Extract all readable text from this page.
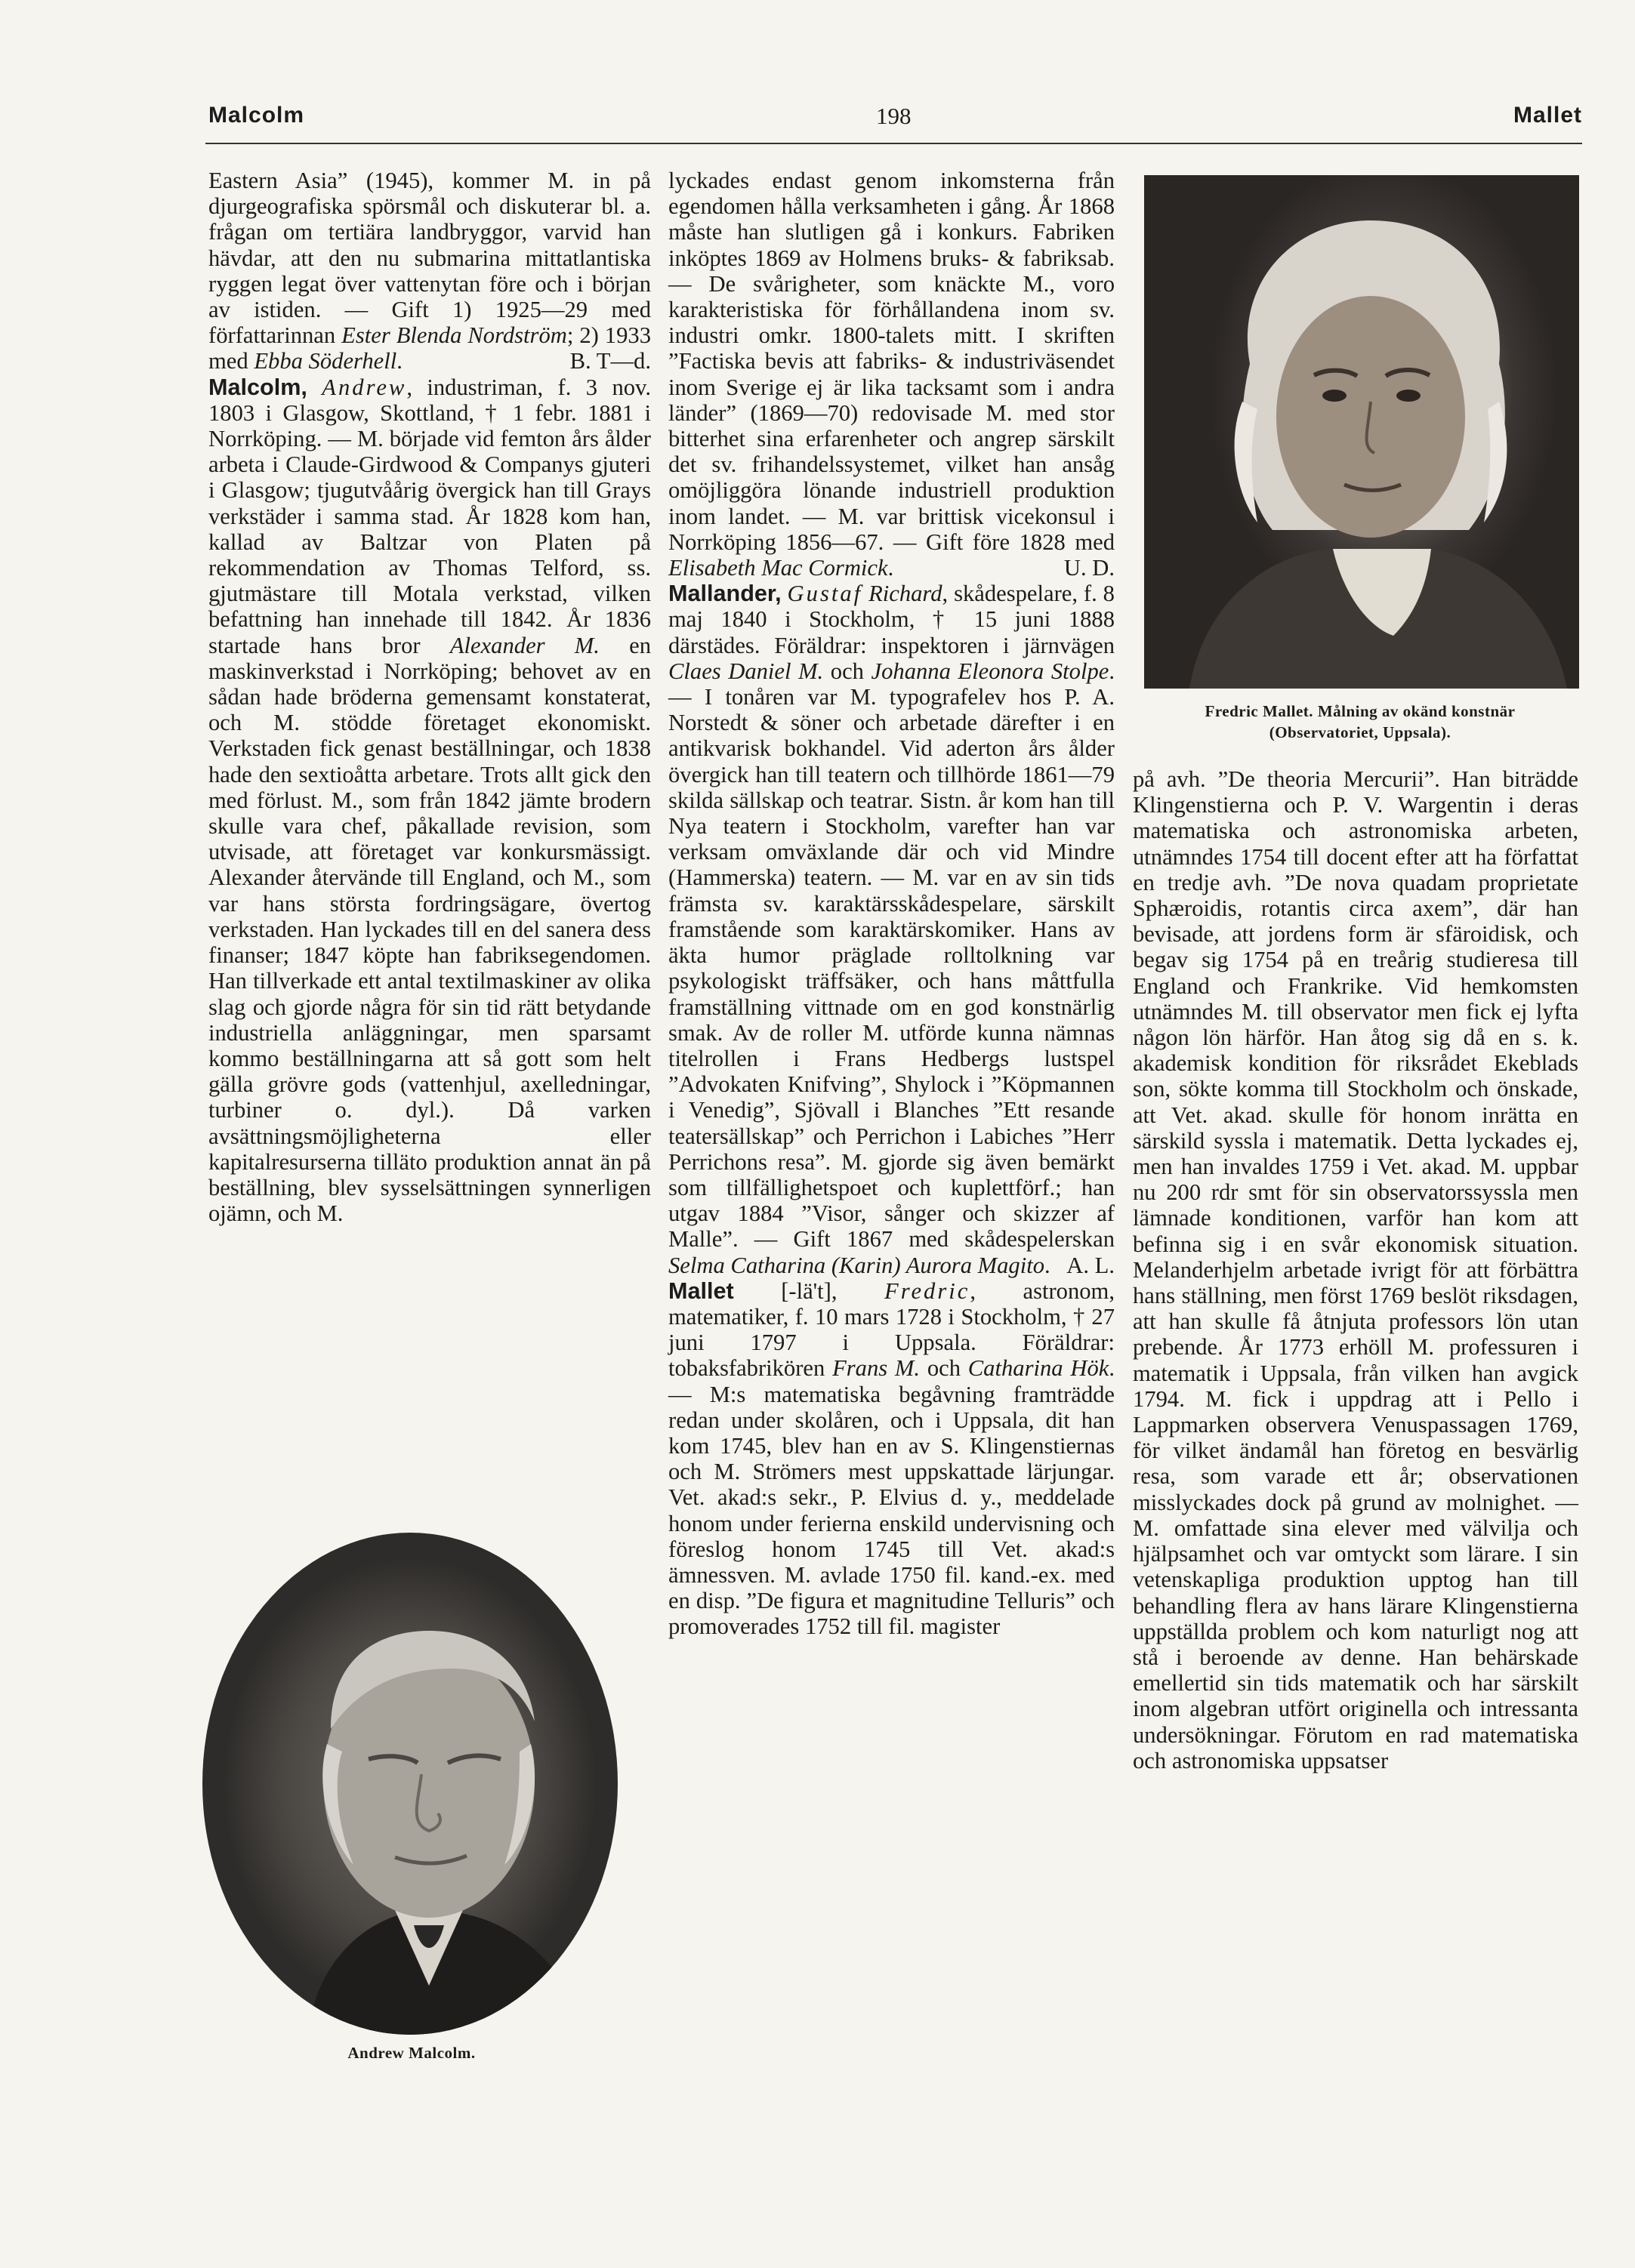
Malcolm	198	Mallet

Eastern Asia” (1945), kommer M. in på djurgeografiska spörsmål och diskuterar bl. a. frågan om tertiära landbryggor, varvid han hävdar, att den nu submarina mittatlantiska ryggen legat över vattenytan före och i början av istiden. — Gift 1) 1925—29 med författarinnan Ester Blenda Nordström; 2) 1933 med Ebba Söderhell.	B. T—d.

Malcolm, Andrew, industriman, f. 3 nov. 1803 i Glasgow, Skottland, † 1 febr. 1881 i Norrköping. — M. började vid femton års ålder arbeta i Claude-Girdwood & Companys gjuteri i Glasgow; tjugutvåårig övergick han till Grays verkstäder i samma stad. År 1828 kom han, kallad av Baltzar von Platen på rekommendation av Thomas Telford, ss. gjutmästare till Motala verkstad, vilken befattning han innehade till 1842. År 1836 startade hans bror Alexander M. en maskinverkstad i Norrköping; behovet av en sådan hade bröderna gemensamt konstaterat, och M. stödde företaget ekonomiskt. Verkstaden fick genast beställningar, och 1838 hade den sextioåtta arbetare. Trots allt gick den med förlust. M., som från 1842 jämte brodern skulle vara chef, påkallade revision, som utvisade, att företaget var konkursmässigt. Alexander återvände till England, och M., som var hans största fordringsägare, övertog verkstaden. Han lyckades till en del sanera dess finanser; 1847 köpte han fabriksegendomen. Han tillverkade ett antal textilmaskiner av olika slag och gjorde några för sin tid rätt betydande industriella anläggningar, men sparsamt kommo beställningarna att så gott som helt gälla grövre gods (vattenhjul, axelledningar, turbiner o. dyl.). Då varken avsättningsmöjligheterna eller kapitalresurserna tilläto produktion annat än på beställning, blev sysselsättningen synnerligen ojämn, och M.

Andrew Malcolm.

lyckades endast genom inkomsterna från egendomen hålla verksamheten i gång. År 1868 måste han slutligen gå i konkurs. Fabriken inköptes 1869 av Holmens bruks- & fabriksab. — De svårigheter, som knäckte M., voro karakteristiska för förhållandena inom sv. industri omkr. 1800-talets mitt. I skriften ”Factiska bevis att fabriks- & industriväsendet inom Sverige ej är lika tacksamt som i andra länder” (1869—70) redovisade M. med stor bitterhet sina erfarenheter och angrep särskilt det sv. frihandelssystemet, vilket han ansåg omöjliggöra lönande industriell produktion inom landet. — M. var brittisk vicekonsul i Norrköping 1856—67. — Gift före 1828 med Elisabeth Mac Cormick.	U. D.

Mallander, Gustaf Richard, skådespelare, f. 8 maj 1840 i Stockholm, † 15 juni 1888 därstädes. Föräldrar: inspektoren i järnvägen Claes Daniel M. och Johanna Eleonora Stolpe. — I tonåren var M. typografelev hos P. A. Norstedt & söner och arbetade därefter i en antikvarisk bokhandel. Vid aderton års ålder övergick han till teatern och tillhörde 1861—79 skilda sällskap och teatrar. Sistn. år kom han till Nya teatern i Stockholm, varefter han var verksam omväxlande där och vid Mindre (Hammerska) teatern. — M. var en av sin tids främsta sv. karaktärsskådespelare, särskilt framstående som karaktärskomiker. Hans av äkta humor präglade rolltolkning var psykologiskt träffsäker, och hans måttfulla framställning vittnade om en god konstnärlig smak. Av de roller M. utförde kunna nämnas titelrollen i Frans Hedbergs lustspel ”Advokaten Knifving”, Shylock i ”Köpmannen i Venedig”, Sjövall i Blanches ”Ett resande teatersällskap” och Perrichon i Labiches ”Herr Perrichons resa”. M. gjorde sig även bemärkt som tillfällighetspoet och kuplettförf.; han utgav 1884 ”Visor, sånger och skizzer af Malle”. — Gift 1867 med skådespelerskan Selma Catharina (Karin) Aurora Magito. A. L.

Mallet [-lä't], Fredric, astronom, matematiker, f. 10 mars 1728 i Stockholm, † 27 juni 1797 i Uppsala. Föräldrar: tobaksfabrikören Frans M. och Catharina Hök. — M:s matematiska begåvning framträdde redan under skolåren, och i Uppsala, dit han kom 1745, blev han en av S. Klingenstiernas och M. Strömers mest uppskattade lärjungar. Vet. akad:s sekr., P. Elvius d. y., meddelade honom under ferierna enskild undervisning och föreslog honom 1745 till Vet. akad:s ämnessven. M. avlade 1750 fil. kand.-ex. med en disp. ”De figura et magnitudine Telluris” och promoverades 1752 till fil. magister

Fredric Mallet. Målning av okänd konstnär
(Observatoriet, Uppsala).

på avh. ”De theoria Mercurii”. Han biträdde Klingenstierna och P. V. Wargentin i deras matematiska och astronomiska arbeten, utnämndes 1754 till docent efter att ha författat en tredje avh. ”De nova quadam proprietate Sphæroidis, rotantis circa axem”, där han bevisade, att jordens form är sfäroidisk, och begav sig 1754 på en treårig studieresa till England och Frankrike. Vid hemkomsten utnämndes M. till observator men fick ej lyfta någon lön härför. Han åtog sig då en s. k. akademisk kondition för riksrådet Ekeblads son, sökte komma till Stockholm och önskade, att Vet. akad. skulle för honom inrätta en särskild syssla i matematik. Detta lyckades ej, men han invaldes 1759 i Vet. akad. M. uppbar nu 200 rdr smt för sin observatorssyssla men lämnade konditionen, varför han kom att befinna sig i en svår ekonomisk situation. Melanderhjelm arbetade ivrigt för att förbättra hans ställning, men först 1769 beslöt riksdagen, att han skulle få åtnjuta professors lön utan prebende. År 1773 erhöll M. professuren i matematik i Uppsala, från vilken han avgick 1794. M. fick i uppdrag att i Pello i Lappmarken observera Venuspassagen 1769, för vilket ändamål han företog en besvärlig resa, som varade ett år; observationen misslyckades dock på grund av molnighet. — M. omfattade sina elever med välvilja och hjälpsamhet och var omtyckt som lärare. I sin vetenskapliga produktion upptog han till behandling flera av hans lärare Klingenstierna uppställda problem och kom naturligt nog att stå i beroende av denne. Han behärskade emellertid sin tids matematik och har särskilt inom algebran utfört originella och intressanta undersökningar. Förutom en rad matematiska och astronomiska uppsatser
